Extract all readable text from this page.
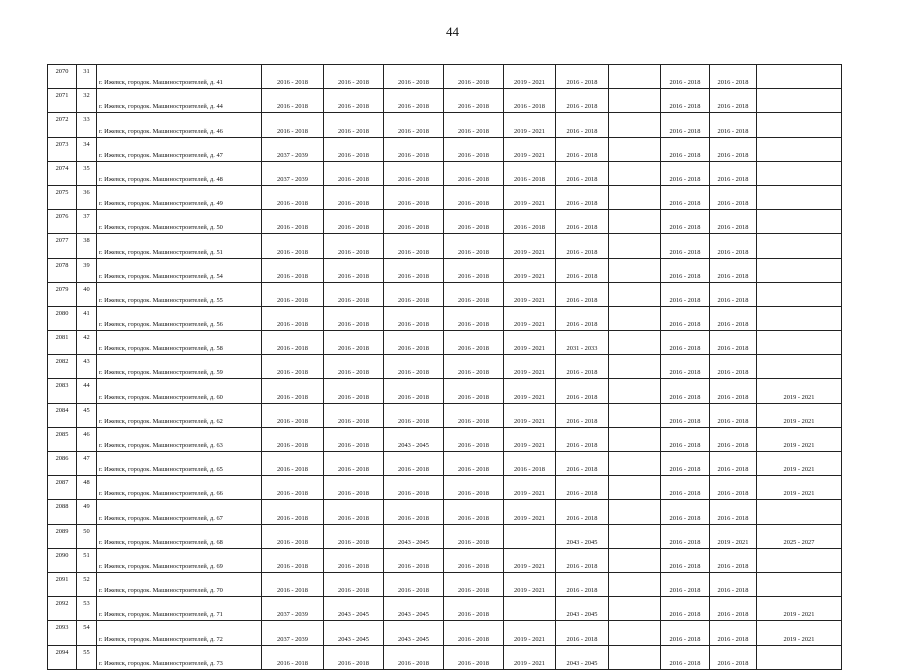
44
2070	31	г. Ижевск, городок. Машиностроителей, д. 41	2016 - 2018	2016 - 2018	2016 - 2018	2016 - 2018	2019 - 2021	2016 - 2018		2016 - 2018	2016 - 2018	
2071	32	г. Ижевск, городок. Машиностроителей, д. 44	2016 - 2018	2016 - 2018	2016 - 2018	2016 - 2018	2016 - 2018	2016 - 2018		2016 - 2018	2016 - 2018	
2072	33	г. Ижевск, городок. Машиностроителей, д. 46	2016 - 2018	2016 - 2018	2016 - 2018	2016 - 2018	2019 - 2021	2016 - 2018		2016 - 2018	2016 - 2018	
2073	34	г. Ижевск, городок. Машиностроителей, д. 47	2037 - 2039	2016 - 2018	2016 - 2018	2016 - 2018	2019 - 2021	2016 - 2018		2016 - 2018	2016 - 2018	
2074	35	г. Ижевск, городок. Машиностроителей, д. 48	2037 - 2039	2016 - 2018	2016 - 2018	2016 - 2018	2016 - 2018	2016 - 2018		2016 - 2018	2016 - 2018	
2075	36	г. Ижевск, городок. Машиностроителей, д. 49	2016 - 2018	2016 - 2018	2016 - 2018	2016 - 2018	2019 - 2021	2016 - 2018		2016 - 2018	2016 - 2018	
2076	37	г. Ижевск, городок. Машиностроителей, д. 50	2016 - 2018	2016 - 2018	2016 - 2018	2016 - 2018	2016 - 2018	2016 - 2018		2016 - 2018	2016 - 2018	
2077	38	г. Ижевск, городок. Машиностроителей, д. 51	2016 - 2018	2016 - 2018	2016 - 2018	2016 - 2018	2019 - 2021	2016 - 2018		2016 - 2018	2016 - 2018	
2078	39	г. Ижевск, городок. Машиностроителей, д. 54	2016 - 2018	2016 - 2018	2016 - 2018	2016 - 2018	2019 - 2021	2016 - 2018		2016 - 2018	2016 - 2018	
2079	40	г. Ижевск, городок. Машиностроителей, д. 55	2016 - 2018	2016 - 2018	2016 - 2018	2016 - 2018	2019 - 2021	2016 - 2018		2016 - 2018	2016 - 2018	
2080	41	г. Ижевск, городок. Машиностроителей, д. 56	2016 - 2018	2016 - 2018	2016 - 2018	2016 - 2018	2019 - 2021	2016 - 2018		2016 - 2018	2016 - 2018	
2081	42	г. Ижевск, городок. Машиностроителей, д. 58	2016 - 2018	2016 - 2018	2016 - 2018	2016 - 2018	2019 - 2021	2031 - 2033		2016 - 2018	2016 - 2018	
2082	43	г. Ижевск, городок. Машиностроителей, д. 59	2016 - 2018	2016 - 2018	2016 - 2018	2016 - 2018	2019 - 2021	2016 - 2018		2016 - 2018	2016 - 2018	
2083	44	г. Ижевск, городок. Машиностроителей, д. 60	2016 - 2018	2016 - 2018	2016 - 2018	2016 - 2018	2019 - 2021	2016 - 2018		2016 - 2018	2016 - 2018	2019 - 2021
2084	45	г. Ижевск, городок. Машиностроителей, д. 62	2016 - 2018	2016 - 2018	2016 - 2018	2016 - 2018	2019 - 2021	2016 - 2018		2016 - 2018	2016 - 2018	2019 - 2021
2085	46	г. Ижевск, городок. Машиностроителей, д. 63	2016 - 2018	2016 - 2018	2043 - 2045	2016 - 2018	2019 - 2021	2016 - 2018		2016 - 2018	2016 - 2018	2019 - 2021
2086	47	г. Ижевск, городок. Машиностроителей, д. 65	2016 - 2018	2016 - 2018	2016 - 2018	2016 - 2018	2016 - 2018	2016 - 2018		2016 - 2018	2016 - 2018	2019 - 2021
2087	48	г. Ижевск, городок. Машиностроителей, д. 66	2016 - 2018	2016 - 2018	2016 - 2018	2016 - 2018	2019 - 2021	2016 - 2018		2016 - 2018	2016 - 2018	2019 - 2021
2088	49	г. Ижевск, городок. Машиностроителей, д. 67	2016 - 2018	2016 - 2018	2016 - 2018	2016 - 2018	2019 - 2021	2016 - 2018		2016 - 2018	2016 - 2018	
2089	50	г. Ижевск, городок. Машиностроителей, д. 68	2016 - 2018	2016 - 2018	2043 - 2045	2016 - 2018		2043 - 2045		2016 - 2018	2019 - 2021	2025 - 2027
2090	51	г. Ижевск, городок. Машиностроителей, д. 69	2016 - 2018	2016 - 2018	2016 - 2018	2016 - 2018	2019 - 2021	2016 - 2018		2016 - 2018	2016 - 2018	
2091	52	г. Ижевск, городок. Машиностроителей, д. 70	2016 - 2018	2016 - 2018	2016 - 2018	2016 - 2018	2019 - 2021	2016 - 2018		2016 - 2018	2016 - 2018	
2092	53	г. Ижевск, городок. Машиностроителей, д. 71	2037 - 2039	2043 - 2045	2043 - 2045	2016 - 2018		2043 - 2045		2016 - 2018	2016 - 2018	2019 - 2021
2093	54	г. Ижевск, городок. Машиностроителей, д. 72	2037 - 2039	2043 - 2045	2043 - 2045	2016 - 2018	2019 - 2021	2016 - 2018		2016 - 2018	2016 - 2018	2019 - 2021
2094	55	г. Ижевск, городок. Машиностроителей, д. 73	2016 - 2018	2016 - 2018	2016 - 2018	2016 - 2018	2019 - 2021	2043 - 2045		2016 - 2018	2016 - 2018	
